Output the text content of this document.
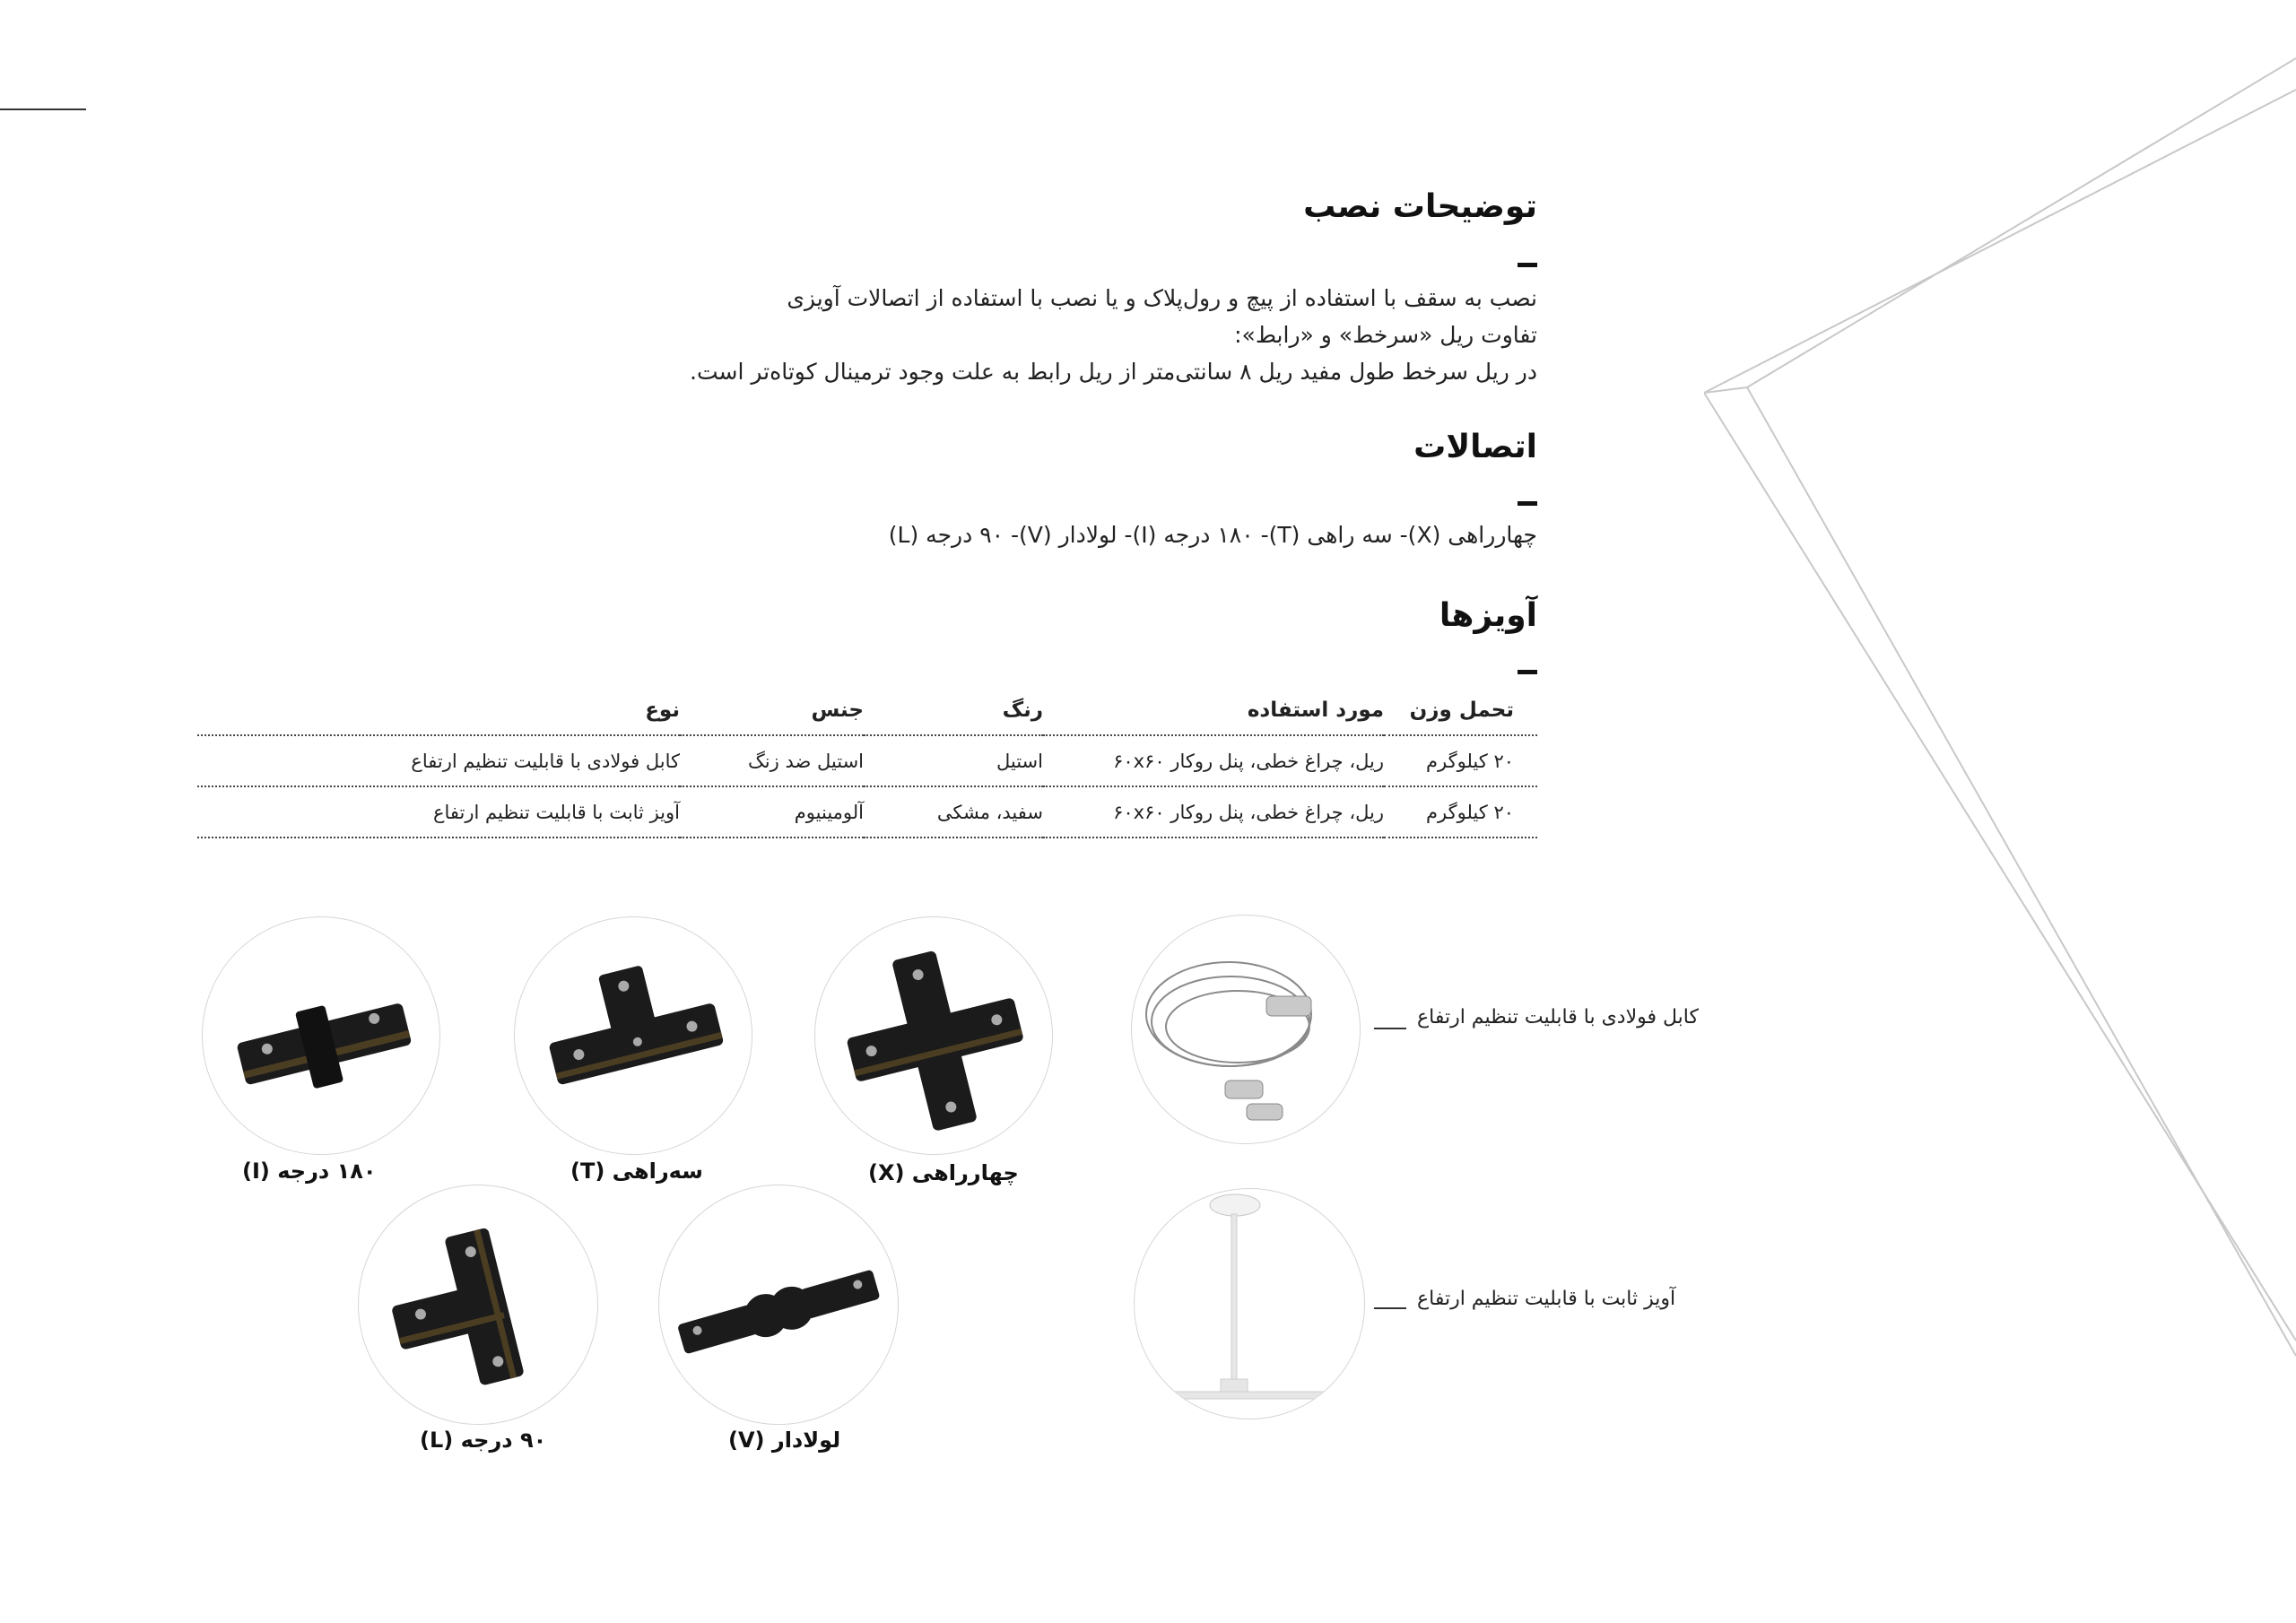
توضیحات نصب
نصب به سقف با استفاده از پیچ و رول‌پلاک و یا نصب با استفاده از اتصالات آویزی
تفاوت ریل «سرخط» و «رابط»:
در ریل سرخط طول مفید ریل ۸ سانتی‌متر از ریل رابط به علت وجود ترمینال کوتاه‌تر است.
اتصالات
چهارراهی (X)- سه راهی (T)- ۱۸۰ درجه (I)- لولادار (V)- ۹۰ درجه (L)
آویزها
تحمل وزن	مورد استفاده	رنگ	جنس	نوع
۲۰ کیلوگرم	ریل، چراغ خطی، پنل روکار ۶۰x۶۰	استیل	استیل ضد زنگ	کابل فولادی با قابلیت تنظیم ارتفاع
۲۰ کیلوگرم	ریل، چراغ خطی، پنل روکار ۶۰x۶۰	سفید، مشکی	آلومینیوم	آویز ثابت با قابلیت تنظیم ارتفاع
۱۸۰ درجه (I)	سه‌راهی (T)	چهارراهی (X)
۹۰ درجه (L)	لولادار (V)
کابل فولادی با قابلیت تنظیم ارتفاع
آویز ثابت با قابلیت تنظیم ارتفاع
